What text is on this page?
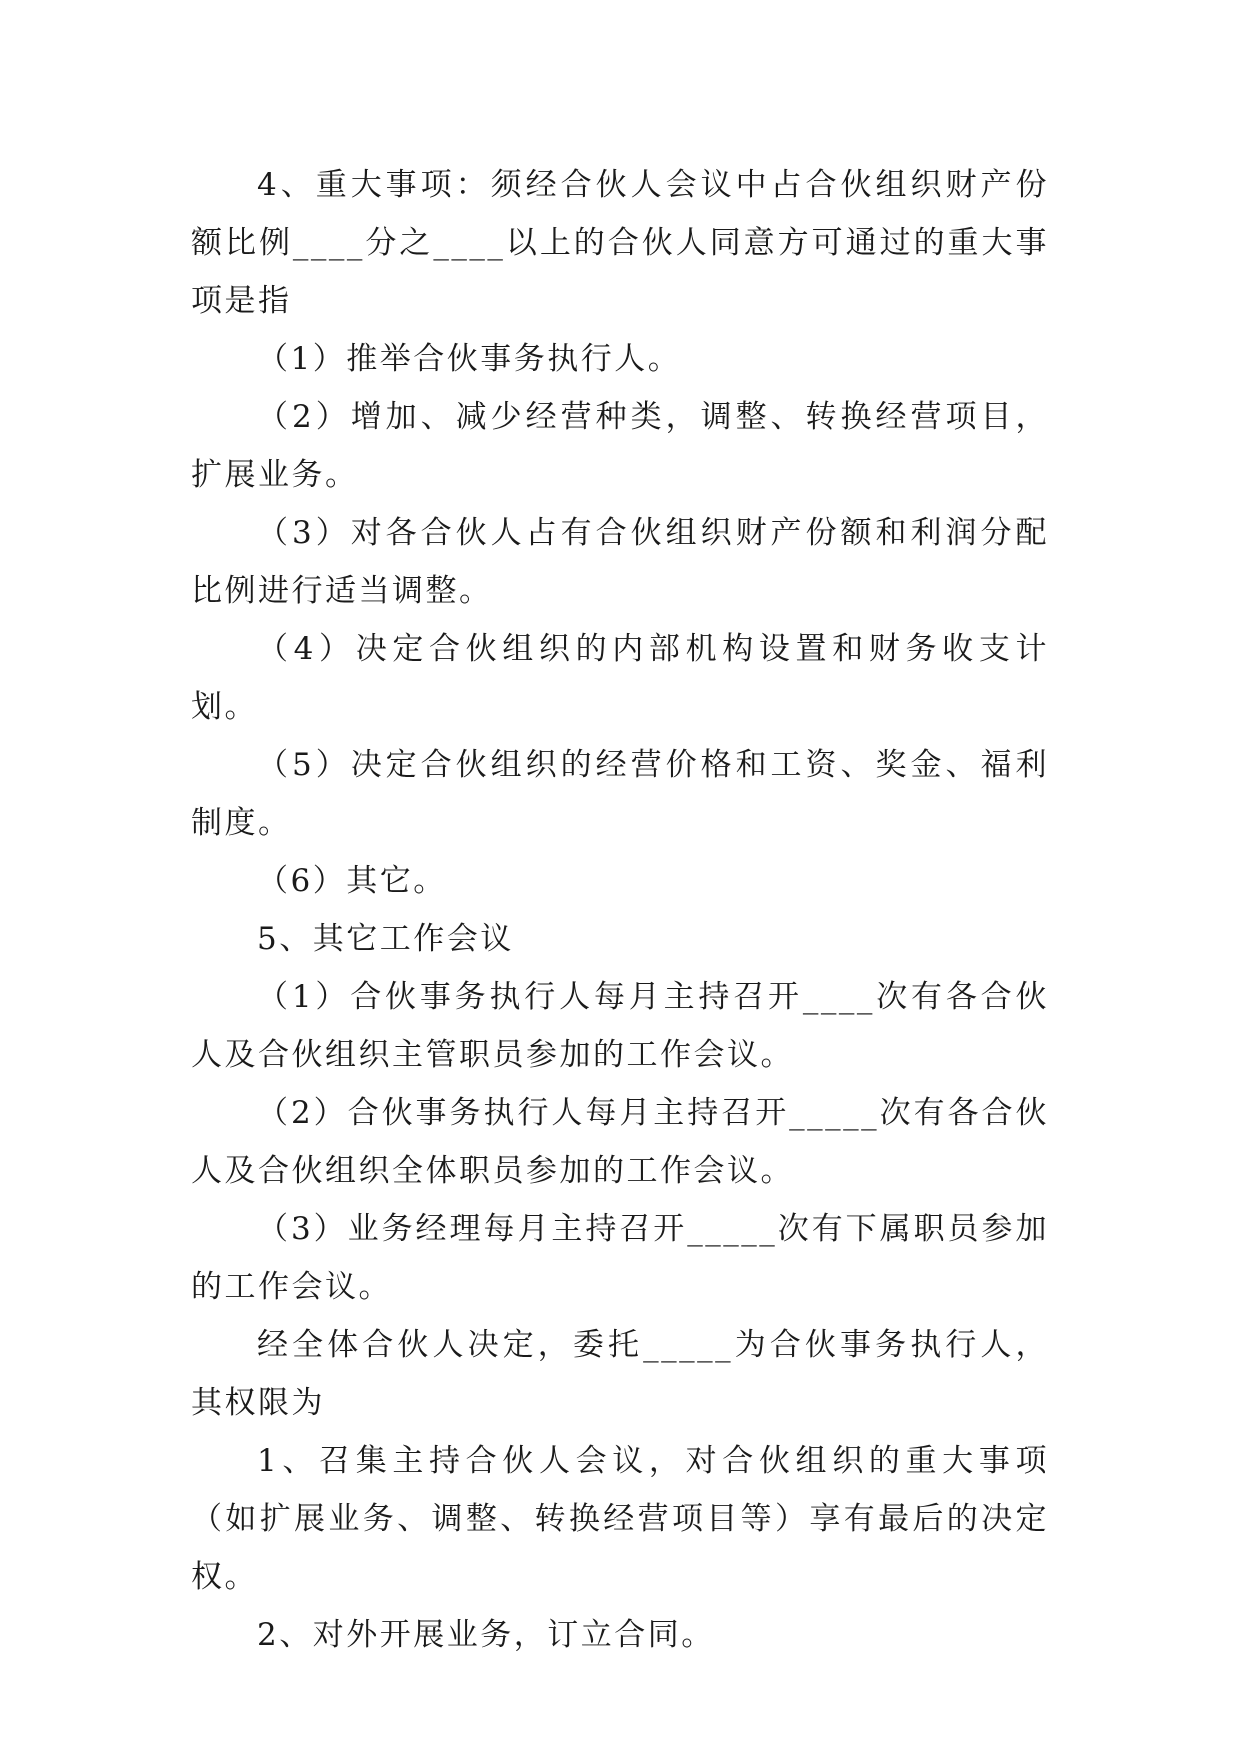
4、重大事项：须经合伙人会议中占合伙组织财产份额比例____分之____以上的合伙人同意方可通过的重大事项是指

（1）推举合伙事务执行人。

（2）增加、减少经营种类，调整、转换经营项目，扩展业务。

（3）对各合伙人占有合伙组织财产份额和利润分配比例进行适当调整。

（4）决定合伙组织的内部机构设置和财务收支计划。

（5）决定合伙组织的经营价格和工资、奖金、福利制度。

（6）其它。

5、其它工作会议

（1）合伙事务执行人每月主持召开____次有各合伙人及合伙组织主管职员参加的工作会议。

（2）合伙事务执行人每月主持召开_____次有各合伙人及合伙组织全体职员参加的工作会议。

（3）业务经理每月主持召开_____次有下属职员参加的工作会议。

经全体合伙人决定，委托_____为合伙事务执行人，其权限为

1、召集主持合伙人会议，对合伙组织的重大事项（如扩展业务、调整、转换经营项目等）享有最后的决定权。

2、对外开展业务，订立合同。
